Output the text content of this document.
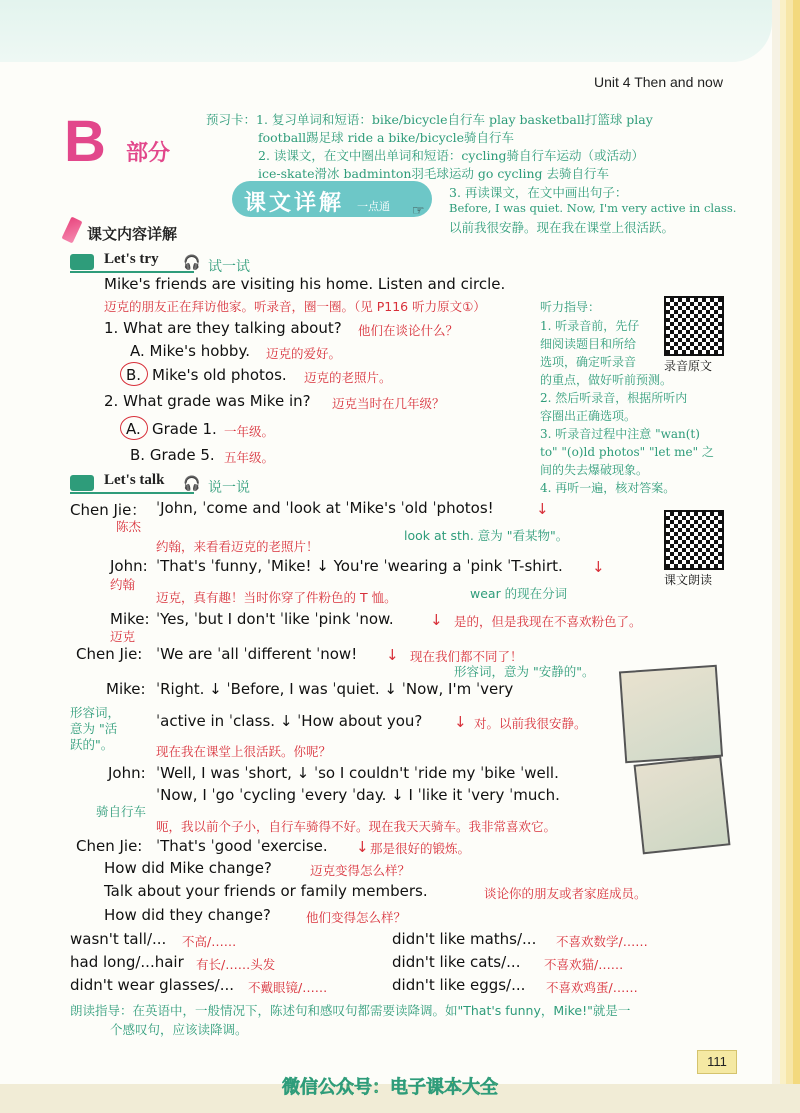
Unit 4 Then and now
B 部分
预习卡：1. 复习单词和短语：bike/bicycle自行车 play basketball打篮球 play
football踢足球 ride a bike/bicycle骑自行车
2. 读课文，在文中圈出单词和短语：cycling骑自行车运动（或活动）
ice-skate滑冰 badminton羽毛球运动 go cycling 去骑自行车
3. 再读课文，在文中画出句子：
Before, I was quiet. Now, I'm very active in class.
以前我很安静。现在我在课堂上很活跃。
课文详解 一点通 ☞
课文内容详解
Let's try 🎧 试一试
Mike's friends are visiting his home. Listen and circle.
迈克的朋友正在拜访他家。听录音，圈一圈。（见 P116 听力原文①）
1. What are they talking about? 他们在谈论什么？
A. Mike's hobby. 迈克的爱好。
B. Mike's old photos. 迈克的老照片。
2. What grade was Mike in? 迈克当时在几年级？
A. Grade 1. 一年级。
B. Grade 5. 五年级。
听力指导：
1. 听录音前，先仔
细阅读题目和所给
选项，确定听录音
的重点，做好听前预测。
2. 然后听录音，根据所听内
容圈出正确选项。
3. 听录音过程中注意 "wan(t)
to" "(o)ld photos" "let me" 之
间的失去爆破现象。
4. 再听一遍，核对答案。
录音原文
课文朗读
Let's talk 🎧 说一说
Chen Jie： ˈJohn, ˈcome and ˈlook at ˈMike's ˈold ˈphotos!	↓
陈杰
look at sth. 意为 "看某物"。
约翰，来看看迈克的老照片！
John: ˈThat's ˈfunny, ˈMike! ↓ You're ˈwearing a ˈpink ˈT-shirt. ↓
约翰
wear 的现在分词
迈克，真有趣！当时你穿了件粉色的 T 恤。
Mike: ˈYes, ˈbut I don't ˈlike ˈpink ˈnow. ↓ 是的，但是我现在不喜欢粉色了。
迈克
Chen Jie: ˈWe are ˈall ˈdifferent ˈnow! ↓ 现在我们都不同了！
形容词，意为 "安静的"。
Mike: ˈRight. ↓ ˈBefore, I was ˈquiet. ↓ ˈNow, I'm ˈvery
形容词，
意为 "活
跃的"。
ˈactive in ˈclass. ↓ ˈHow about you? ↓ 对。以前我很安静。
现在我在课堂上很活跃。你呢？
John: ˈWell, I was ˈshort, ↓ ˈso I couldn't ˈride my ˈbike ˈwell.
ˈNow, I ˈgo ˈcycling ˈevery ˈday. ↓ I ˈlike it ˈvery ˈmuch.
骑自行车
呃，我以前个子小，自行车骑得不好。现在我天天骑车。我非常喜欢它。
Chen Jie: ˈThat's ˈgood ˈexercise. ↓ 那是很好的锻炼。
How did Mike change?	迈克变得怎么样？
Talk about your friends or family members.	谈论你的朋友或者家庭成员。
How did they change?	他们变得怎么样？
wasn't tall/... 不高/……	didn't like maths/... 不喜欢数学/……
had long/...hair 有长/……头发	didn't like cats/... 不喜欢猫/……
didn't wear glasses/... 不戴眼镜/……	didn't like eggs/... 不喜欢鸡蛋/……
朗读指导：在英语中，一般情况下，陈述句和感叹句都需要读降调。如"That's funny，Mike!"就是一
个感叹句，应该读降调。
111
微信公众号：电子课本大全
